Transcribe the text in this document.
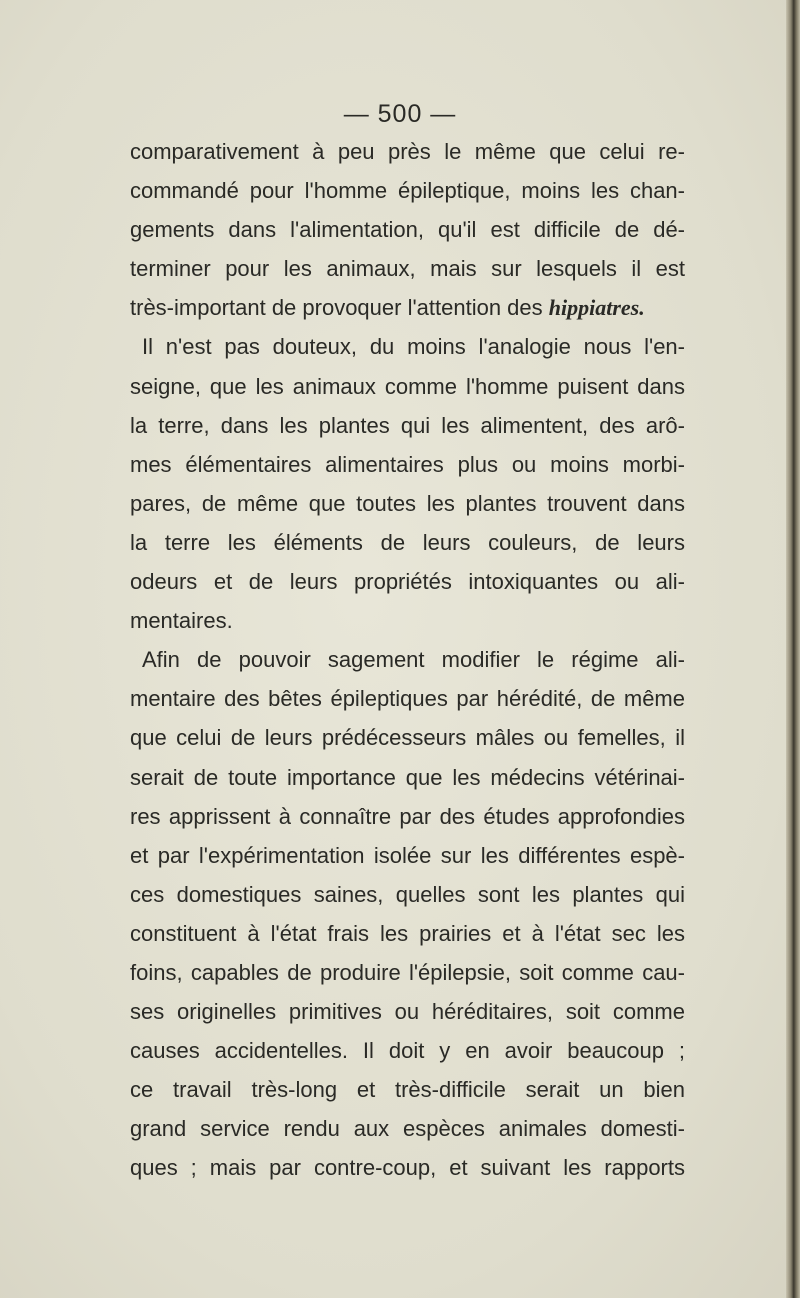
— 500 —
comparativement à peu près le même que celui re-
commandé pour l'homme épileptique, moins les chan-
gements dans l'alimentation, qu'il est difficile de dé-
terminer pour les animaux, mais sur lesquels il est
très-important de provoquer l'attention des hippiatres.
Il n'est pas douteux, du moins l'analogie nous l'en-
seigne, que les animaux comme l'homme puisent dans
la terre, dans les plantes qui les alimentent, des arô-
mes élémentaires alimentaires plus ou moins morbi-
pares, de même que toutes les plantes trouvent dans
la terre les éléments de leurs couleurs, de leurs
odeurs et de leurs propriétés intoxiquantes ou ali-
mentaires.
Afin de pouvoir sagement modifier le régime ali-
mentaire des bêtes épileptiques par hérédité, de même
que celui de leurs prédécesseurs mâles ou femelles, il
serait de toute importance que les médecins vétérinai-
res apprissent à connaître par des études approfondies
et par l'expérimentation isolée sur les différentes espè-
ces domestiques saines, quelles sont les plantes qui
constituent à l'état frais les prairies et à l'état sec les
foins, capables de produire l'épilepsie, soit comme cau-
ses originelles primitives ou héréditaires, soit comme
causes accidentelles. Il doit y en avoir beaucoup ;
ce travail très-long et très-difficile serait un bien
grand service rendu aux espèces animales domesti-
ques ; mais par contre-coup, et suivant les rapports
